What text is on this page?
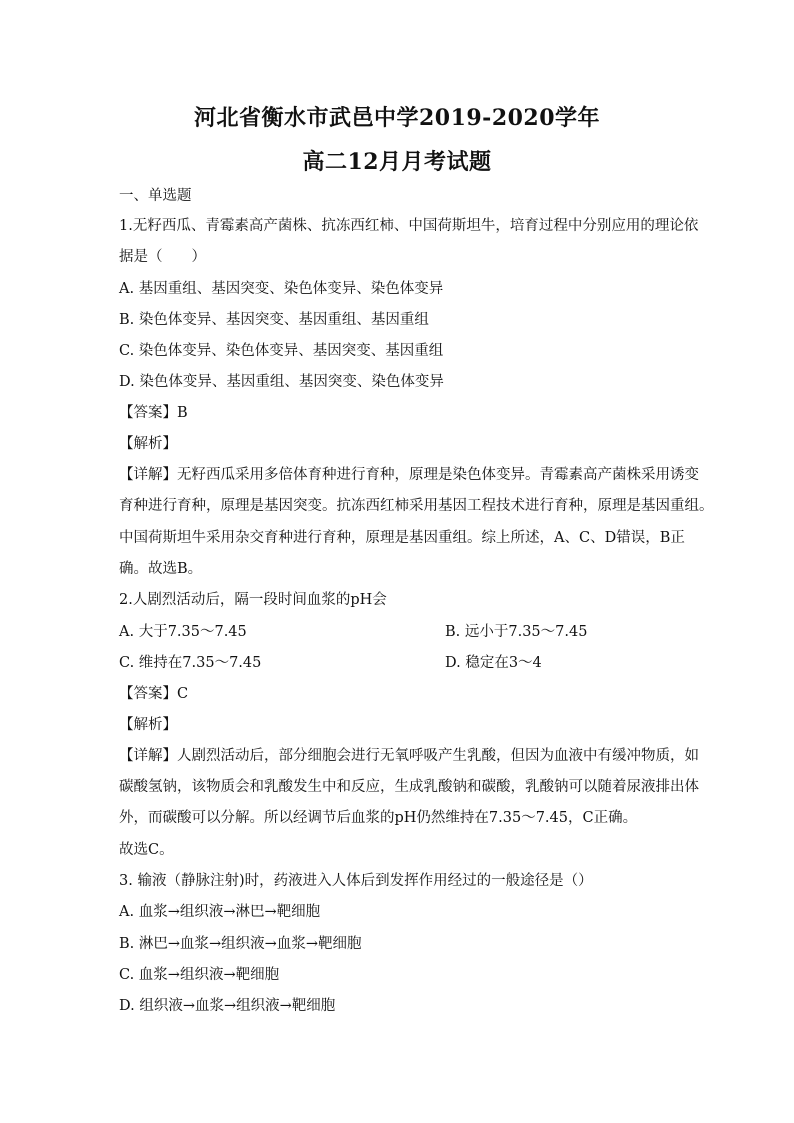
河北省衡水市武邑中学2019-2020学年
高二12月月考试题
一、单选题
1.无籽西瓜、青霉素高产菌株、抗冻西红柿、中国荷斯坦牛，培育过程中分别应用的理论依
据是（　　）
A. 基因重组、基因突变、染色体变异、染色体变异
B. 染色体变异、基因突变、基因重组、基因重组
C. 染色体变异、染色体变异、基因突变、基因重组
D. 染色体变异、基因重组、基因突变、染色体变异
【答案】B
【解析】
【详解】无籽西瓜采用多倍体育种进行育种，原理是染色体变异。青霉素高产菌株采用诱变
育种进行育种，原理是基因突变。抗冻西红柿采用基因工程技术进行育种，原理是基因重组。
中国荷斯坦牛采用杂交育种进行育种，原理是基因重组。综上所述，A、C、D错误，B正
确。故选B。
2.人剧烈活动后，隔一段时间血浆的pH会
A. 大于7.35～7.45	B. 远小于7.35～7.45
C. 维持在7.35～7.45	D. 稳定在3～4
【答案】C
【解析】
【详解】人剧烈活动后，部分细胞会进行无氧呼吸产生乳酸，但因为血液中有缓冲物质，如
碳酸氢钠，该物质会和乳酸发生中和反应，生成乳酸钠和碳酸，乳酸钠可以随着尿液排出体
外，而碳酸可以分解。所以经调节后血浆的pH仍然维持在7.35～7.45，C正确。
故选C。
3. 输液（静脉注射)时，药液进入人体后到发挥作用经过的一般途径是（）
A. 血浆→组织液→淋巴→靶细胞
B. 淋巴→血浆→组织液→血浆→靶细胞
C. 血浆→组织液→靶细胞
D. 组织液→血浆→组织液→靶细胞
